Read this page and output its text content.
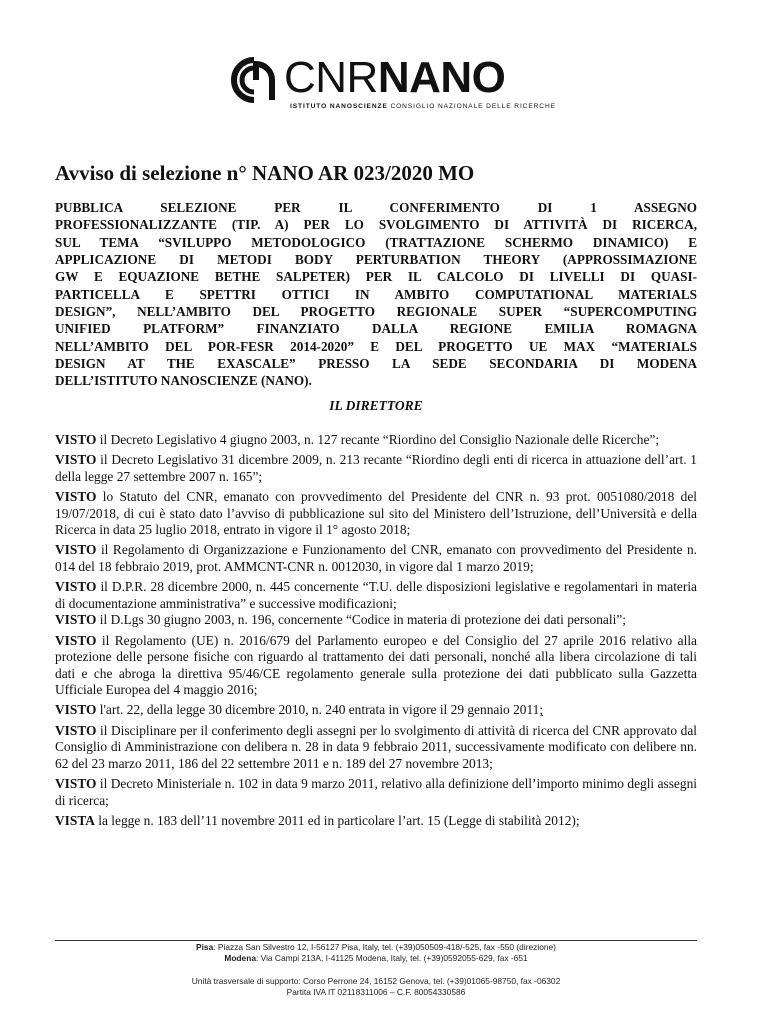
CNRNANO
ISTITUTO NANOSCIENZE CONSIGLIO NAZIONALE DELLE RICERCHE
Avviso di selezione n° NANO AR 023/2020 MO
PUBBLICA SELEZIONE PER IL CONFERIMENTO DI 1 ASSEGNO
PROFESSIONALIZZANTE (TIP. A) PER LO SVOLGIMENTO DI ATTIVITÀ DI RICERCA,
SUL TEMA “SVILUPPO METODOLOGICO (TRATTAZIONE SCHERMO DINAMICO) E
APPLICAZIONE DI METODI BODY PERTURBATION THEORY (APPROSSIMAZIONE
GW E EQUAZIONE BETHE SALPETER) PER IL CALCOLO DI LIVELLI DI QUASI-
PARTICELLA E SPETTRI OTTICI IN AMBITO COMPUTATIONAL MATERIALS
DESIGN”, NELL’AMBITO DEL PROGETTO REGIONALE SUPER “SUPERCOMPUTING
UNIFIED PLATFORM” FINANZIATO DALLA REGIONE EMILIA ROMAGNA
NELL’AMBITO DEL POR-FESR 2014-2020” E DEL PROGETTO UE MAX “MATERIALS
DESIGN AT THE EXASCALE” PRESSO LA SEDE SECONDARIA DI MODENA
DELL’ISTITUTO NANOSCIENZE (NANO).
IL DIRETTORE

VISTO il Decreto Legislativo 4 giugno 2003, n. 127 recante “Riordino del Consiglio Nazionale delle Ricerche”;

VISTO il Decreto Legislativo 31 dicembre 2009, n. 213 recante “Riordino degli enti di ricerca in attuazione dell’art. 1 della legge 27 settembre 2007 n. 165”;

VISTO lo Statuto del CNR, emanato con provvedimento del Presidente del CNR n. 93 prot. 0051080/2018 del 19/07/2018, di cui è stato dato l’avviso di pubblicazione sul sito del Ministero dell’Istruzione, dell’Università e della Ricerca in data 25 luglio 2018, entrato in vigore il 1° agosto 2018;

VISTO il Regolamento di Organizzazione e Funzionamento del CNR, emanato con provvedimento del Presidente n. 014 del 18 febbraio 2019, prot. AMMCNT-CNR n. 0012030, in vigore dal 1 marzo 2019;

VISTO il D.P.R. 28 dicembre 2000, n. 445 concernente “T.U. delle disposizioni legislative e regolamentari in materia di documentazione amministrativa” e successive modificazioni;

VISTO il D.Lgs 30 giugno 2003, n. 196, concernente “Codice in materia di protezione dei dati personali”;

VISTO il Regolamento (UE) n. 2016/679 del Parlamento europeo e del Consiglio del 27 aprile 2016 relativo alla protezione delle persone fisiche con riguardo al trattamento dei dati personali, nonché alla libera circolazione di tali dati e che abroga la direttiva 95/46/CE regolamento generale sulla protezione dei dati pubblicato sulla Gazzetta Ufficiale Europea del 4 maggio 2016;

VISTO l'art. 22, della legge 30 dicembre 2010, n. 240 entrata in vigore il 29 gennaio 2011;

VISTO il Disciplinare per il conferimento degli assegni per lo svolgimento di attività di ricerca del CNR approvato dal Consiglio di Amministrazione con delibera n. 28 in data 9 febbraio 2011, successivamente modificato con delibere nn. 62 del 23 marzo 2011, 186 del 22 settembre 2011 e n. 189 del 27 novembre 2013;

VISTO il Decreto Ministeriale n. 102 in data 9 marzo 2011, relativo alla definizione dell’importo minimo degli assegni di ricerca;

VISTA la legge n. 183 dell’11 novembre 2011 ed in particolare l’art. 15 (Legge di stabilità 2012);

Pisa: Piazza San Silvestro 12, I-56127 Pisa, Italy, tel. (+39)050509-418/-525, fax -550 (direzione)
Modena: Via Campi 213A, I-41125 Modena, Italy, tel. (+39)0592055-629, fax -651
Unità trasversale di supporto: Corso Perrone 24, 16152 Genova, tel. (+39)01065-98750, fax -06302
Partita IVA IT 02118311006 – C.F. 80054330586
